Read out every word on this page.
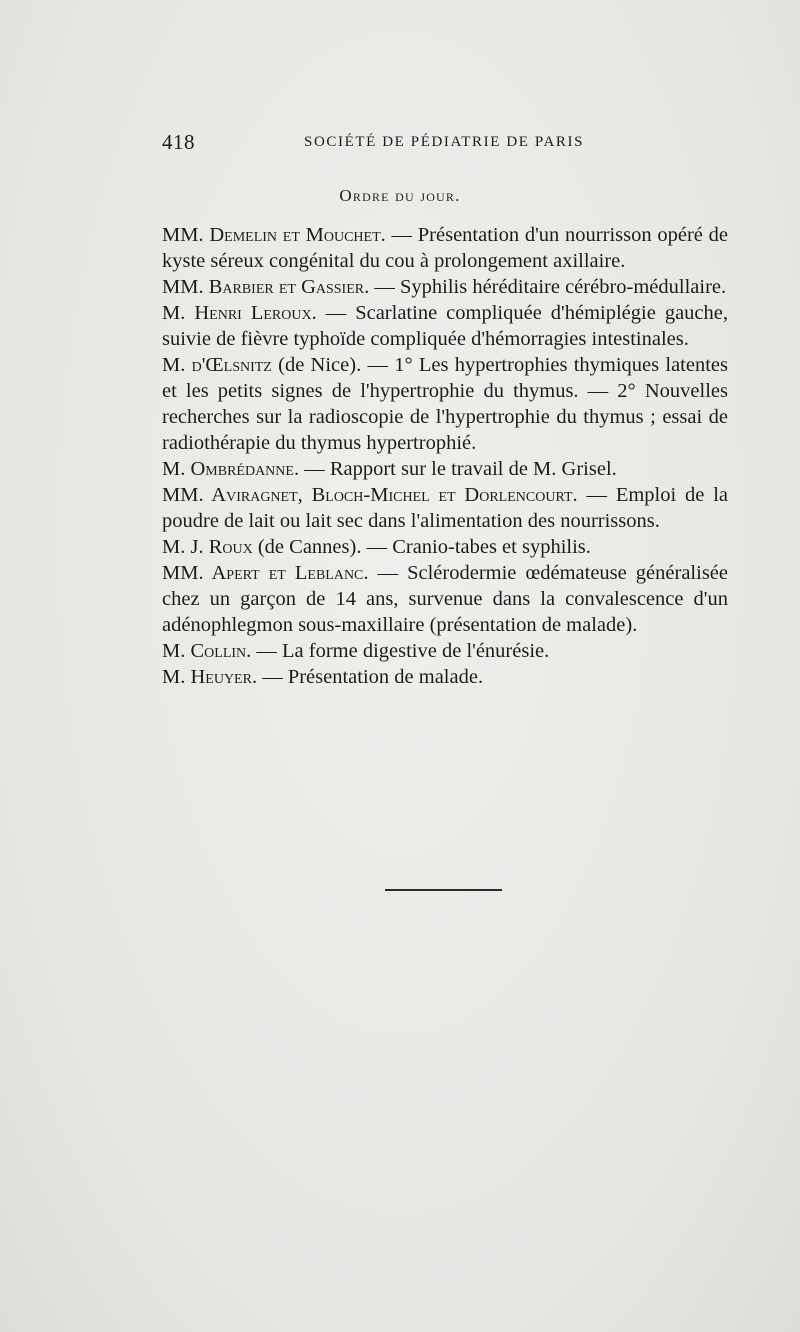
418	SOCIÉTÉ DE PÉDIATRIE DE PARIS
Ordre du jour.

MM. Demelin et Mouchet. — Présentation d'un nourrisson opéré de kyste séreux congénital du cou à prolongement axillaire.

MM. Barbier et Gassier. — Syphilis héréditaire cérébro-médullaire.

M. Henri Leroux. — Scarlatine compliquée d'hémiplégie gauche, suivie de fièvre typhoïde compliquée d'hémorragies intestinales.

M. d'Œlsnitz (de Nice). — 1° Les hypertrophies thymiques latentes et les petits signes de l'hypertrophie du thymus. — 2° Nouvelles recherches sur la radioscopie de l'hypertrophie du thymus ; essai de radiothérapie du thymus hypertrophié.

M. Ombrédanne. — Rapport sur le travail de M. Grisel.

MM. Aviragnet, Bloch-Michel et Dorlencourt. — Emploi de la poudre de lait ou lait sec dans l'alimentation des nourrissons.

M. J. Roux (de Cannes). — Cranio-tabes et syphilis.

MM. Apert et Leblanc. — Sclérodermie œdémateuse généralisée chez un garçon de 14 ans, survenue dans la convalescence d'un adénophlegmon sous-maxillaire (présentation de malade).

M. Collin. — La forme digestive de l'énurésie.

M. Heuyer. — Présentation de malade.
